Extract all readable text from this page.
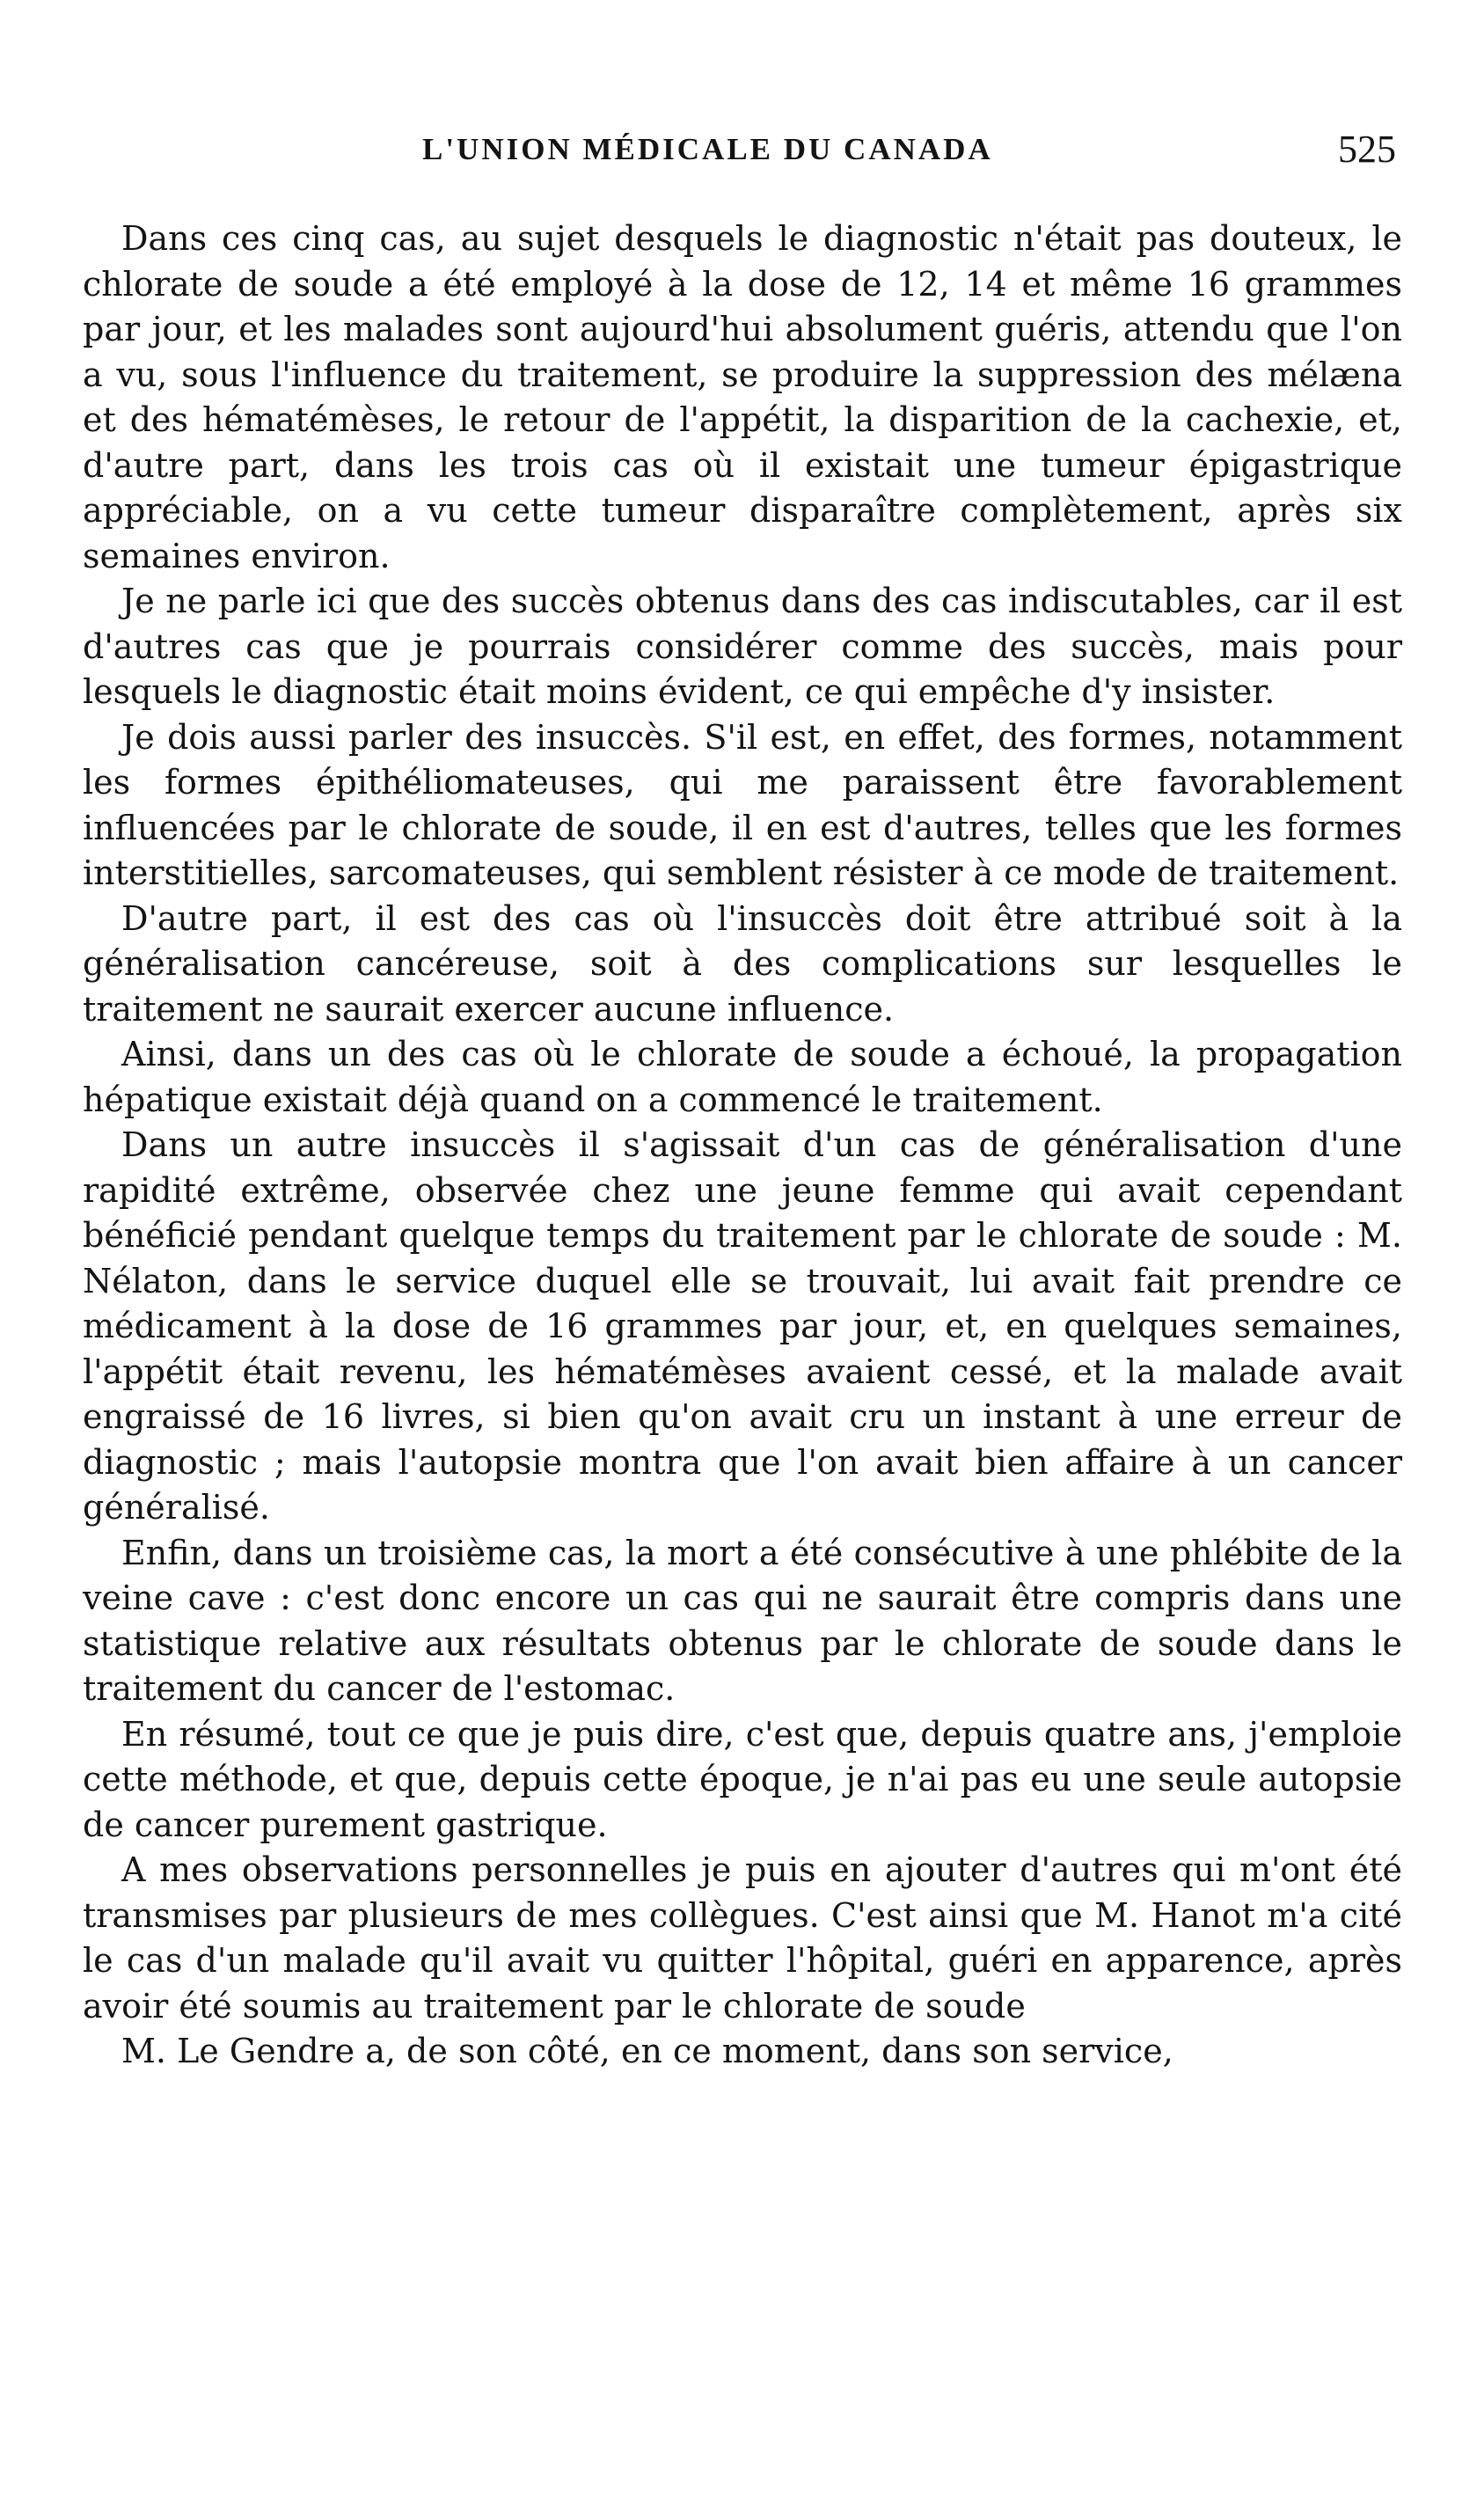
L'UNION MÉDICALE DU CANADA	525

Dans ces cinq cas, au sujet desquels le diagnostic n'était pas douteux, le chlorate de soude a été employé à la dose de 12, 14 et même 16 grammes par jour, et les malades sont aujourd'hui absolument guéris, attendu que l'on a vu, sous l'influence du traitement, se produire la suppression des mélæna et des hématémèses, le retour de l'appétit, la disparition de la cachexie, et, d'autre part, dans les trois cas où il existait une tumeur épigastrique appréciable, on a vu cette tumeur disparaître complètement, après six semaines environ.

Je ne parle ici que des succès obtenus dans des cas indiscutables, car il est d'autres cas que je pourrais considérer comme des succès, mais pour lesquels le diagnostic était moins évident, ce qui empêche d'y insister.

Je dois aussi parler des insuccès. S'il est, en effet, des formes, notamment les formes épithéliomateuses, qui me paraissent être favorablement influencées par le chlorate de soude, il en est d'autres, telles que les formes interstitielles, sarcomateuses, qui semblent résister à ce mode de traitement.

D'autre part, il est des cas où l'insuccès doit être attribué soit à la généralisation cancéreuse, soit à des complications sur lesquelles le traitement ne saurait exercer aucune influence.

Ainsi, dans un des cas où le chlorate de soude a échoué, la propagation hépatique existait déjà quand on a commencé le traitement.

Dans un autre insuccès il s'agissait d'un cas de généralisation d'une rapidité extrême, observée chez une jeune femme qui avait cependant bénéficié pendant quelque temps du traitement par le chlorate de soude : M. Nélaton, dans le service duquel elle se trouvait, lui avait fait prendre ce médicament à la dose de 16 grammes par jour, et, en quelques semaines, l'appétit était revenu, les hématémèses avaient cessé, et la malade avait engraissé de 16 livres, si bien qu'on avait cru un instant à une erreur de diagnostic ; mais l'autopsie montra que l'on avait bien affaire à un cancer généralisé.

Enfin, dans un troisième cas, la mort a été consécutive à une phlébite de la veine cave : c'est donc encore un cas qui ne saurait être compris dans une statistique relative aux résultats obtenus par le chlorate de soude dans le traitement du cancer de l'estomac.

En résumé, tout ce que je puis dire, c'est que, depuis quatre ans, j'emploie cette méthode, et que, depuis cette époque, je n'ai pas eu une seule autopsie de cancer purement gastrique.

A mes observations personnelles je puis en ajouter d'autres qui m'ont été transmises par plusieurs de mes collègues. C'est ainsi que M. Hanot m'a cité le cas d'un malade qu'il avait vu quitter l'hôpital, guéri en apparence, après avoir été soumis au traitement par le chlorate de soude

M. Le Gendre a, de son côté, en ce moment, dans son service,
